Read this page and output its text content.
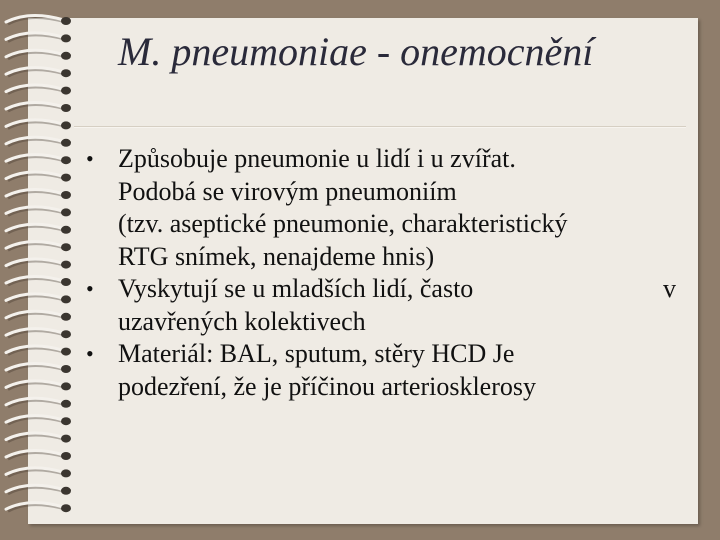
M. pneumoniae - onemocnění
• Způsobuje pneumonie u lidí i u zvířat.
Podobá se virovým pneumoniím
(tzv. aseptické pneumonie, charakteristický
RTG snímek, nenajdeme hnis)
• Vyskytují se u mladších lidí, často	v
uzavřených kolektivech
• Materiál: BAL, sputum, stěry HCD Je
podezření, že je příčinou arteriosklerosy
